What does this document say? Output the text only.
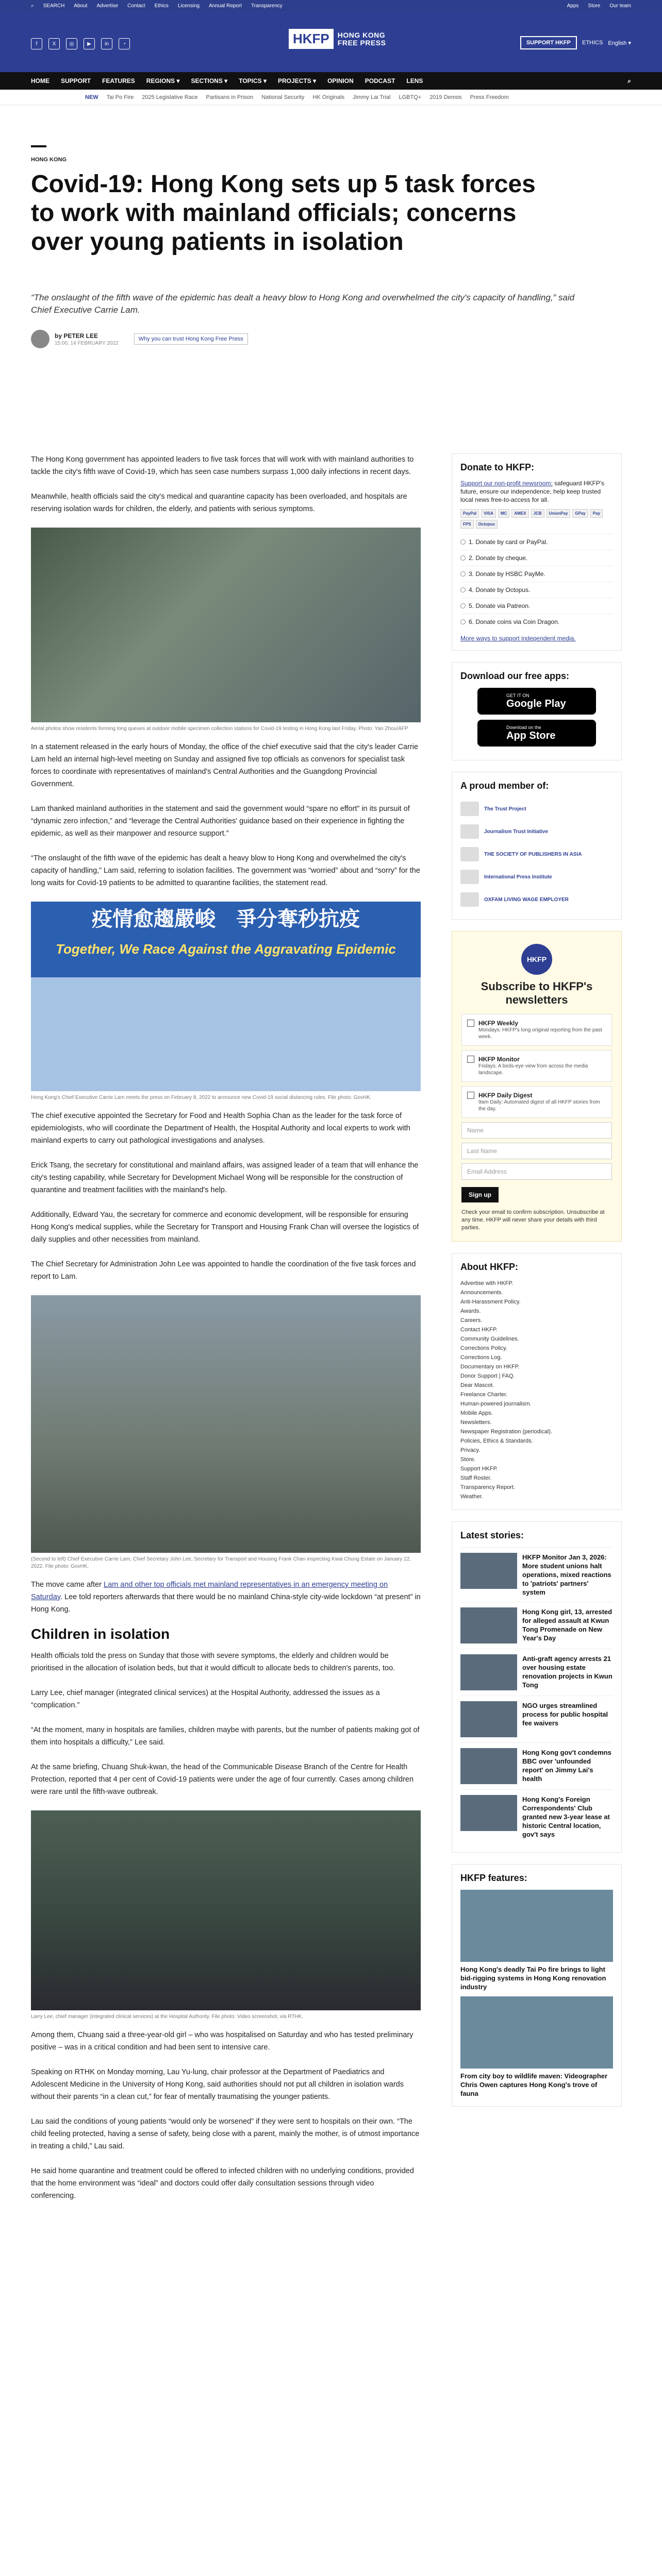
⌕ SEARCH About Advertise Contact Ethics Licensing Annual Report Transparency	Apps Store Our team
f	X	◎	▶	in	◔	HKFP	HONG KONG FREE PRESS	SUPPORT HKFP	ETHICS English ▾
HOME SUPPORT FEATURES REGIONS ▾ SECTIONS ▾ TOPICS ▾ PROJECTS ▾ OPINION PODCAST LENS	⌕
NEW Tai Po Fire 2025 Legislative Race Partisans in Prison National Security HK Originals Jimmy Lai Trial LGBTQ+ 2019 Demos Press Freedom
HONG KONG
Covid-19: Hong Kong sets up 5 task forces to work with mainland officials; concerns over young patients in isolation
“The onslaught of the fifth wave of the epidemic has dealt a heavy blow to Hong Kong and overwhelmed the city's capacity of handling,” said Chief Executive Carrie Lam.
by PETER LEE
15:00, 14 FEBRUARY 2022
Why you can trust Hong Kong Free Press

The Hong Kong government has appointed leaders to five task forces that will work with with mainland authorities to tackle the city's fifth wave of Covid-19, which has seen case numbers surpass 1,000 daily infections in recent days.

Meanwhile, health officials said the city's medical and quarantine capacity has been overloaded, and hospitals are reserving isolation wards for children, the elderly, and patients with serious symptoms.

Aerial photos show residents forming long queues at outdoor mobile specimen collection stations for Covid-19 testing in Hong Kong last Friday. Photo: Yan Zhou/AFP

In a statement released in the early hours of Monday, the office of the chief executive said that the city's leader Carrie Lam held an internal high-level meeting on Sunday and assigned five top officials as convenors for specialist task forces to coordinate with representatives of mainland's Central Authorities and the Guangdong Provincial Government.

Lam thanked mainland authorities in the statement and said the government would “spare no effort” in its pursuit of “dynamic zero infection,” and “leverage the Central Authorities' guidance based on their experience in fighting the epidemic, as well as their manpower and resource support.”

“The onslaught of the fifth wave of the epidemic has dealt a heavy blow to Hong Kong and overwhelmed the city's capacity of handling,” Lam said, referring to isolation facilities. The government was “worried” about and “sorry” for the long waits for Covid-19 patients to be admitted to quarantine facilities, the statement read.

疫情愈趨嚴峻　爭分奪秒抗疫
Together, We Race Against the Aggravating Epidemic
Hong Kong's Chief Executive Carrie Lam meets the press on February 8, 2022 to announce new Covid-19 social distancing rules. File photo: GovHK.

The chief executive appointed the Secretary for Food and Health Sophia Chan as the leader for the task force of epidemiologists, who will coordinate the Department of Health, the Hospital Authority and local experts to work with mainland experts to carry out pathological investigations and analyses.

Erick Tsang, the secretary for constitutional and mainland affairs, was assigned leader of a team that will enhance the city's testing capability, while Secretary for Development Michael Wong will be responsible for the construction of quarantine and treatment facilities with the mainland's help.

Additionally, Edward Yau, the secretary for commerce and economic development, will be responsible for ensuring Hong Kong's medical supplies, while the Secretary for Transport and Housing Frank Chan will oversee the logistics of daily supplies and other necessities from mainland.

The Chief Secretary for Administration John Lee was appointed to handle the coordination of the five task forces and report to Lam.

(Second to left) Chief Executive Carrie Lam, Chief Secretary John Lee, Secretary for Transport and Housing Frank Chan inspecting Kwai Chung Estate on January 22, 2022. File photo: GovHK.

The move came after Lam and other top officials met mainland representatives in an emergency meeting on Saturday. Lee told reporters afterwards that there would be no mainland China-style city-wide lockdown “at present” in Hong Kong.

Children in isolation

Health officials told the press on Sunday that those with severe symptoms, the elderly and children would be prioritised in the allocation of isolation beds, but that it would difficult to allocate beds to children's parents, too.

Larry Lee, chief manager (integrated clinical services) at the Hospital Authority, addressed the issues as a “complication.”

“At the moment, many in hospitals are families, children maybe with parents, but the number of patients making got of them into hospitals a difficulty,” Lee said.

At the same briefing, Chuang Shuk-kwan, the head of the Communicable Disease Branch of the Centre for Health Protection, reported that 4 per cent of Covid-19 patients were under the age of four currently. Cases among children were rare until the fifth-wave outbreak.

Larry Lee, chief manager (integrated clinical services) at the Hospital Authority. File photo: Video screenshot, via RTHK.

Among them, Chuang said a three-year-old girl – who was hospitalised on Saturday and who has tested preliminary positive – was in a critical condition and had been sent to intensive care.

Speaking on RTHK on Monday morning, Lau Yu-lung, chair professor at the Department of Paediatrics and Adolescent Medicine in the University of Hong Kong, said authorities should not put all children in isolation wards without their parents “in a clean cut,” for fear of mentally traumatising the younger patients.

Lau said the conditions of young patients “would only be worsened” if they were sent to hospitals on their own. “The child feeling protected, having a sense of safety, being close with a parent, mainly the mother, is of utmost importance in treating a child,” Lau said.

He said home quarantine and treatment could be offered to infected children with no underlying conditions, provided that the home environment was “ideal” and doctors could offer daily consultation sessions through video conferencing.

Donate to HKFP:
Support our non-profit newsroom: safeguard HKFP's future, ensure our independence, help keep trusted local news free-to-access for all.
PayPal	VISA	MC	AMEX	JCB	UnionPay	GPay	Pay
FPS	Octopus
1. Donate by card or PayPal.
2. Donate by cheque.
3. Donate by HSBC PayMe.
4. Donate by Octopus.
5. Donate via Patreon.
6. Donate coins via Coin Dragon.
More ways to support independent media.
Download our free apps:
GET IT ON
Google Play
Download on the
App Store
A proud member of:
The Trust Project
Journalism Trust Initiative
THE SOCIETY OF PUBLISHERS IN ASIA
International Press Institute
OXFAM LIVING WAGE EMPLOYER
HKFP
Subscribe to HKFP's newsletters
HKFP Weekly
Mondays: HKFP's long original reporting from the past week.
HKFP Monitor
Fridays: A birds-eye view from across the media landscape.
HKFP Daily Digest
9am Daily: Automated digest of all HKFP stories from the day.
Name
Last Name
Email Address
Sign up
Check your email to confirm subscription. Unsubscribe at any time. HKFP will never share your details with third parties.
About HKFP:
Advertise with HKFP.
Announcements.
Anti-Harassment Policy.
Awards.
Careers.
Contact HKFP.
Community Guidelines.
Corrections Policy.
Corrections Log.
Documentary on HKFP.
Donor Support | FAQ.
Dear Mascot.
Freelance Charter.
Human-powered journalism.
Mobile Apps.
Newsletters.
Newspaper Registration (periodical).
Policies, Ethics & Standards.
Privacy.
Store.
Support HKFP.
Staff Roster.
Transparency Report.
Weather.
Latest stories:
HKFP Monitor Jan 3, 2026: More student unions halt operations, mixed reactions to 'patriots' partners' system
Hong Kong girl, 13, arrested for alleged assault at Kwun Tong Promenade on New Year's Day
Anti-graft agency arrests 21 over housing estate renovation projects in Kwun Tong
NGO urges streamlined process for public hospital fee waivers
Hong Kong gov't condemns BBC over 'unfounded report' on Jimmy Lai's health
Hong Kong's Foreign Correspondents' Club granted new 3-year lease at historic Central location, gov't says
HKFP features:
Hong Kong's deadly Tai Po fire brings to light bid-rigging systems in Hong Kong renovation industry
From city boy to wildlife maven: Videographer Chris Owen captures Hong Kong's trove of fauna
